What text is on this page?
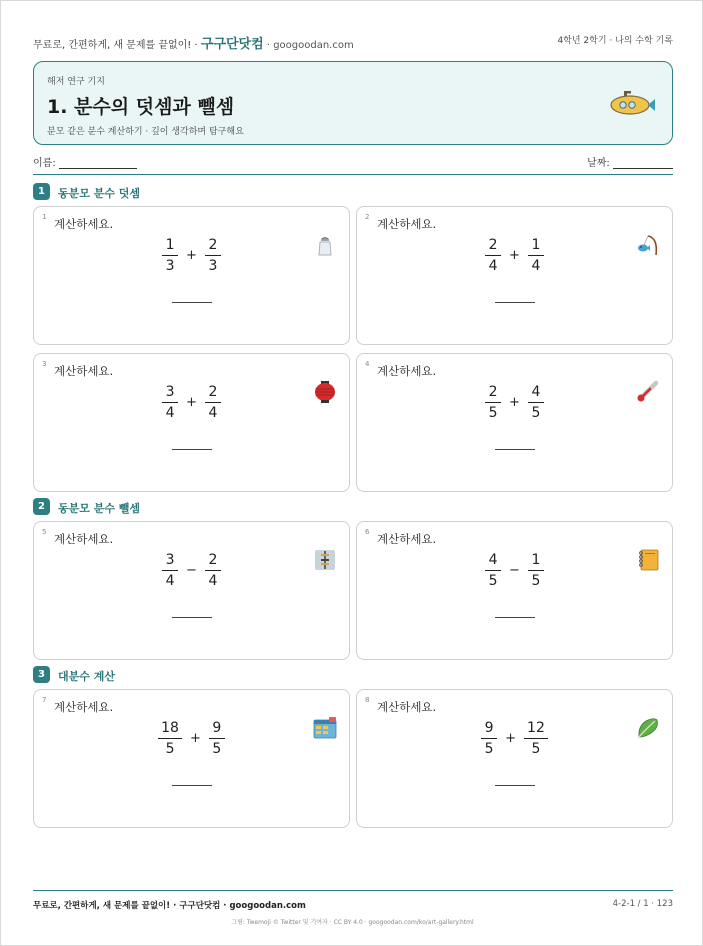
무료로, 간편하게, 새 문제를 끝없이! · 구구단닷컴 · googoodan.com	4학년 2학기 · 나의 수학 기록
해저 연구 기지
1. 분수의 덧셈과 뺄셈
분모 같은 분수 계산하기 · 깊이 생각하며 탐구해요
이름:	날짜:
1	동분모 분수 덧셈
1 계산하세요.
$\frac{1}{3} + \frac{2}{3}$
2 계산하세요.
$\frac{2}{4} + \frac{1}{4}$
3 계산하세요.
$\frac{3}{4} + \frac{2}{4}$
4 계산하세요.
$\frac{2}{5} + \frac{4}{5}$
2	동분모 분수 뺄셈
5 계산하세요.
$\frac{3}{4} - \frac{2}{4}$
6 계산하세요.
$\frac{4}{5} - \frac{1}{5}$
3	대분수 계산
7 계산하세요.
$\frac{18}{5} + \frac{9}{5}$
8 계산하세요.
$\frac{9}{5} + \frac{12}{5}$
무료로, 간편하게, 새 문제를 끝없이! · 구구단닷컴 · googoodan.com	4-2-1 / 1 · 123
그림: Twemoji © Twitter 및 기여자 · CC BY 4.0 · googoodan.com/ko/art-gallery.html
